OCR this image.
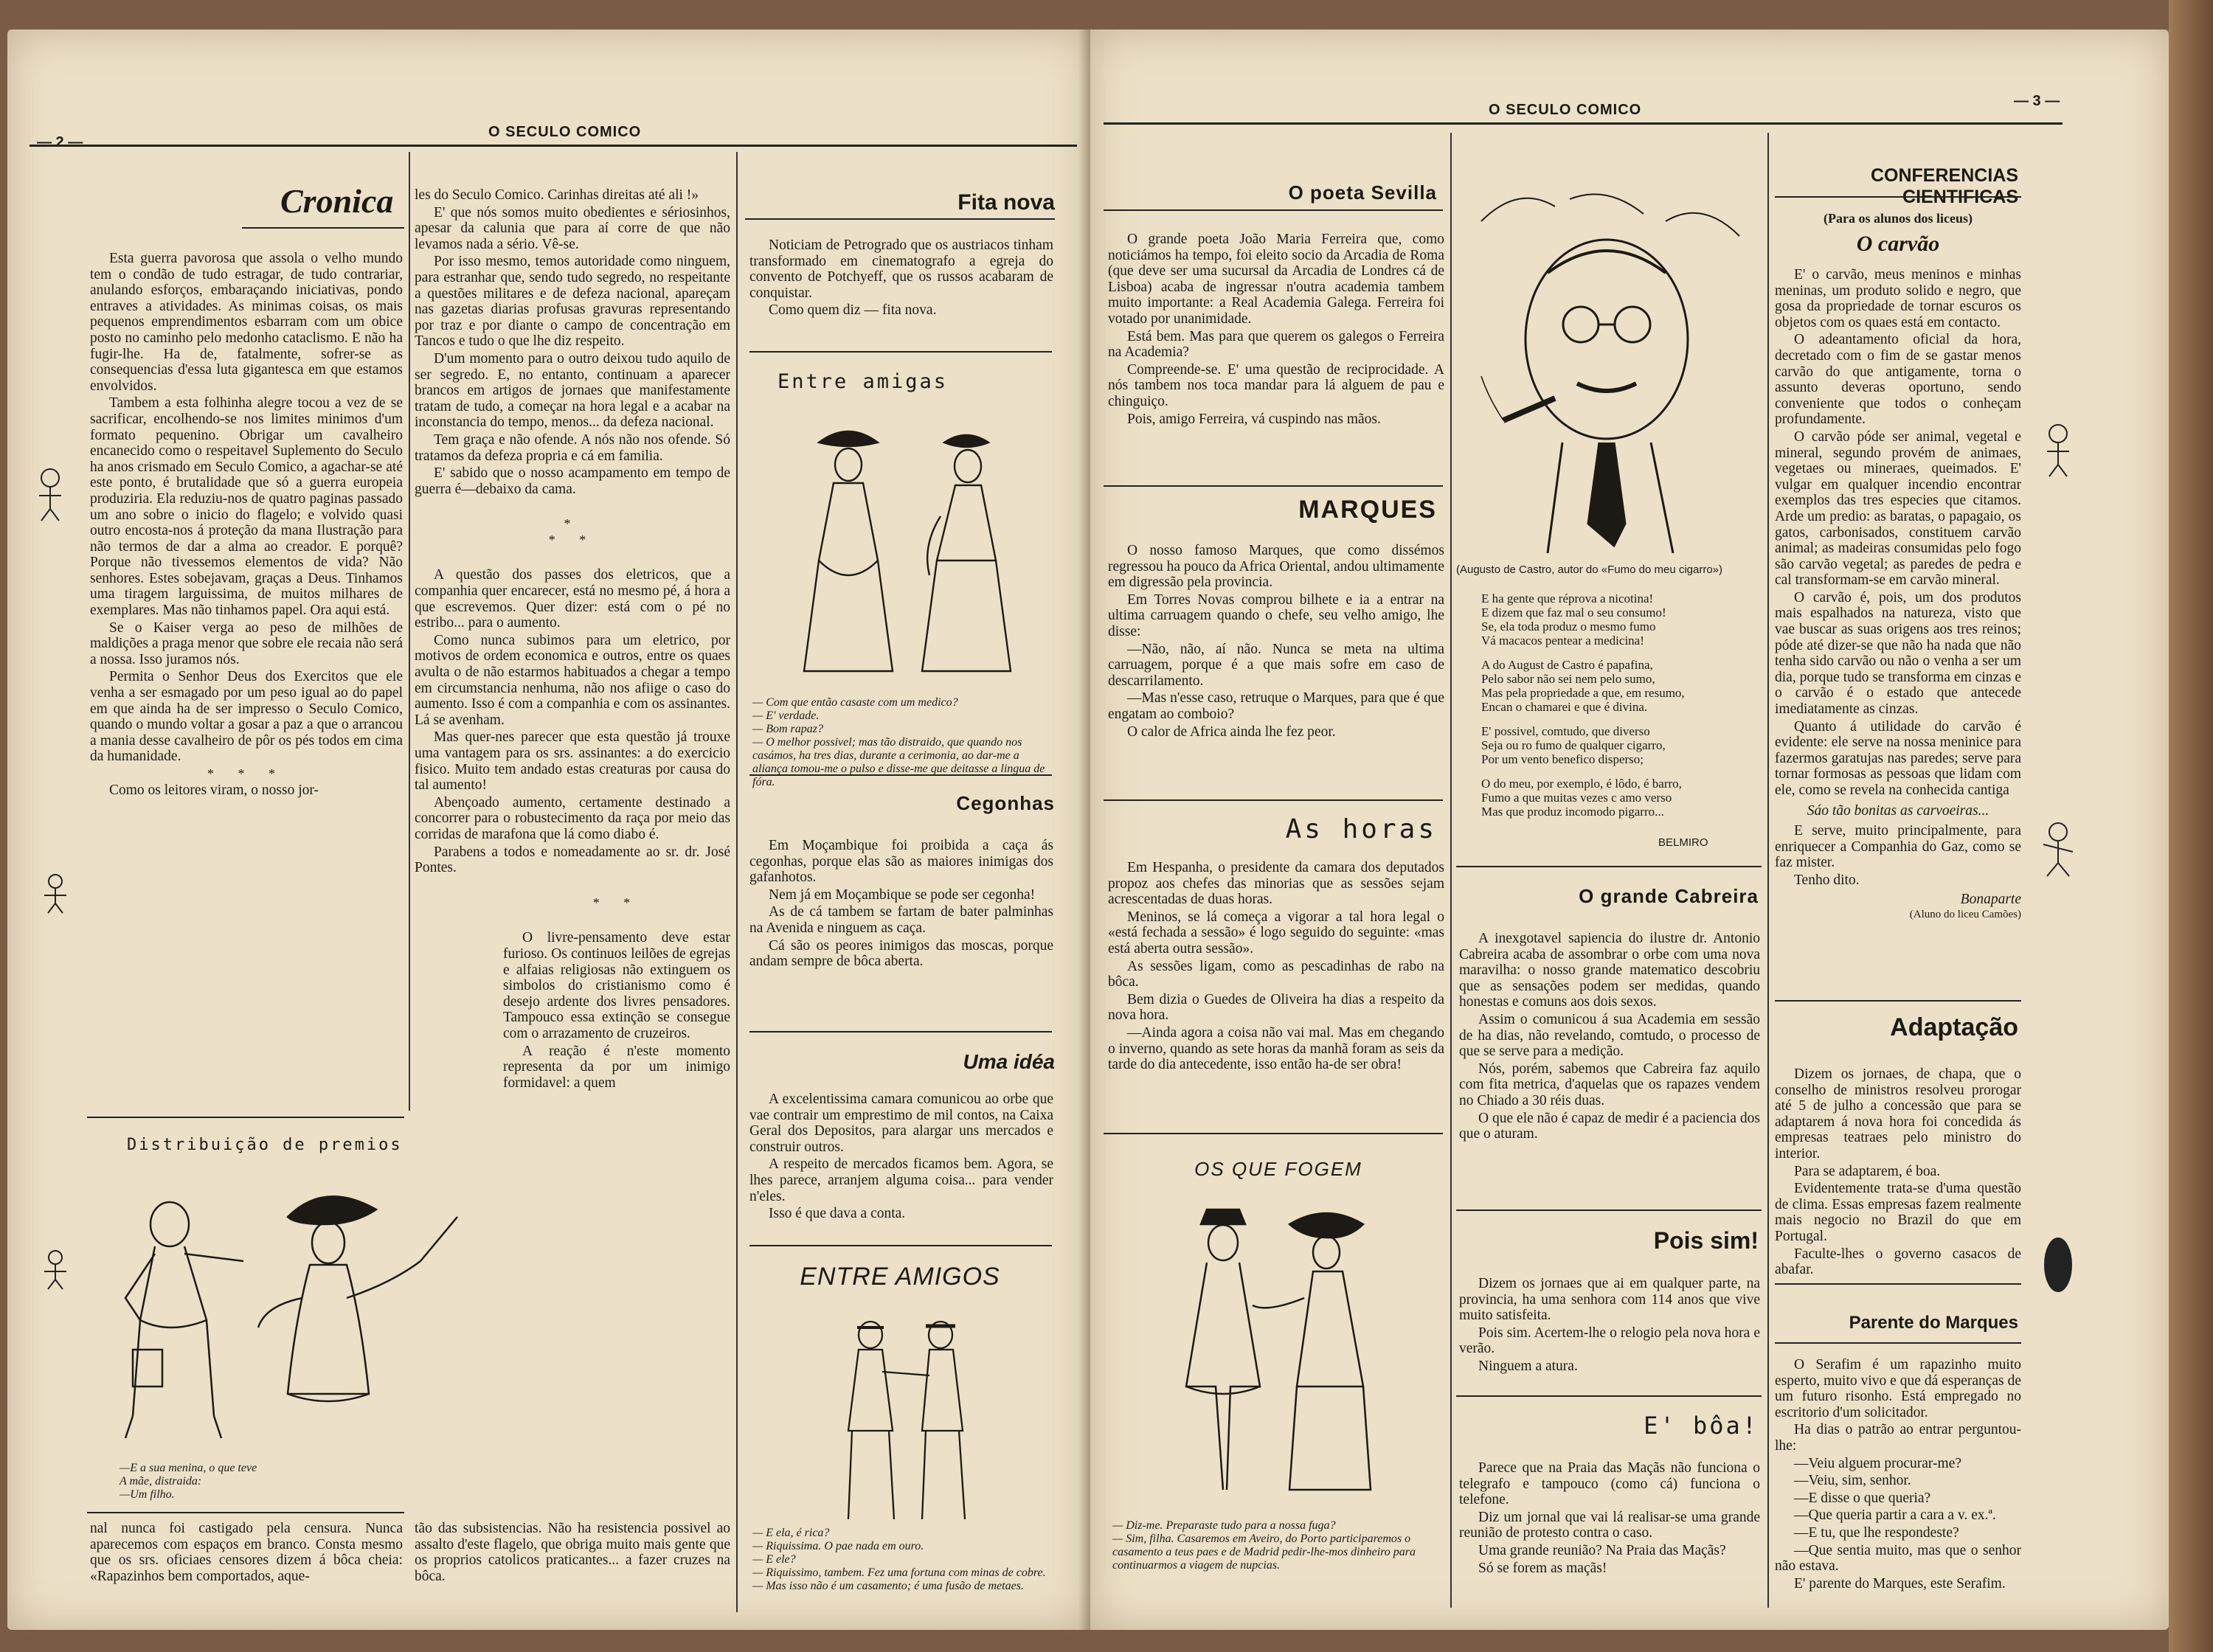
— 2 —
O SECULO COMICO
Cronica

Esta guerra pavorosa que assola o velho mundo tem o condão de tudo estragar, de tudo contrariar, anulando esforços, embaraçando iniciativas, pondo entraves a atividades. As minimas coisas, os mais pequenos emprendimentos esbarram com um obice posto no caminho pelo medonho cataclismo. E não ha fugir-lhe. Ha de, fatalmente, sofrer-se as consequencias d'essa luta gigantesca em que estamos envolvidos.

Tambem a esta folhinha alegre tocou a vez de se sacrificar, encolhendo-se nos limites minimos d'um formato pequenino. Obrigar um cavalheiro encanecido como o respeitavel Suplemento do Seculo ha anos crismado em Seculo Comico, a agachar-se até este ponto, é brutalidade que só a guerra europeia produziria. Ela reduziu-nos de quatro paginas passado um ano sobre o inicio do flagelo; e volvido quasi outro encosta-nos á proteção da mana Ilustração para não termos de dar a alma ao creador. E porquê? Porque não tivessemos elementos de vida? Não senhores. Estes sobejavam, graças a Deus. Tinhamos uma tiragem larguissima, de muitos milhares de exemplares. Mas não tinhamos papel. Ora aqui está.

Se o Kaiser verga ao peso de milhões de maldições a praga menor que sobre ele recaia não será a nossa. Isso juramos nós.

Permita o Senhor Deus dos Exercitos que ele venha a ser esmagado por um peso igual ao do papel em que ainda ha de ser impresso o Seculo Comico, quando o mundo voltar a gosar a paz a que o arrancou a mania desse cavalheiro de pôr os pés todos em cima da humanidade.

* * *

Como os leitores viram, o nosso jor-

les do Seculo Comico. Carinhas direitas até ali !»

E' que nós somos muito obedientes e sériosinhos, apesar da calunia que para aí corre de que não levamos nada a sério. Vê-se.

Por isso mesmo, temos autoridade como ninguem, para estranhar que, sendo tudo segredo, no respeitante a questões militares e de defeza nacional, apareçam nas gazetas diarias profusas gravuras representando por traz e por diante o campo de concentração em Tancos e tudo o que lhe diz respeito.

D'um momento para o outro deixou tudo aquilo de ser segredo. E, no entanto, continuam a aparecer brancos em artigos de jornaes que manifestamente tratam de tudo, a começar na hora legal e a acabar na inconstancia do tempo, menos... da defeza nacional.

Tem graça e não ofende. A nós não nos ofende. Só tratamos da defeza propria e cá em familia.

E' sabido que o nosso acampamento em tempo de guerra é—debaixo da cama.

*
* *

A questão dos passes dos eletricos, que a companhia quer encarecer, está no mesmo pé, á hora a que escrevemos. Quer dizer: está com o pé no estribo... para o aumento.

Como nunca subimos para um eletrico, por motivos de ordem economica e outros, entre os quaes avulta o de não estarmos habituados a chegar a tempo em circumstancia nenhuma, não nos afiige o caso do aumento. Isso é com a companhia e com os assinantes. Lá se avenham.

Mas quer-nes parecer que esta questão já trouxe uma vantagem para os srs. assinantes: a do exercicio fisico. Muito tem andado estas creaturas por causa do tal aumento!

Abençoado aumento, certamente destinado a concorrer para o robustecimento da raça por meio das corridas de marafona que lá como diabo é.

Parabens a todos e nomeadamente ao sr. dr. José Pontes.

* *

O livre-pensamento deve estar furioso. Os continuos leilões de egrejas e alfaias religiosas não extinguem os simbolos do cristianismo como é desejo ardente dos livres pensadores. Tampouco essa extinção se consegue com o arrazamento de cruzeiros.

A reação é n'este momento representa da por um inimigo formidavel: a quem

Distribuição de premios
—E a sua menina, o que teve
A mãe, distraida:
—Um filho.

nal nunca foi castigado pela censura. Nunca aparecemos com espaços em branco. Consta mesmo que os srs. oficiaes censores dizem á bôca cheia: «Rapazinhos bem comportados, aque-

tão das subsistencias. Não ha resistencia possivel ao assalto d'este flagelo, que obriga muito mais gente que os proprios catolicos praticantes... a fazer cruzes na bôca.

Fita nova

Noticiam de Petrogrado que os austriacos tinham transformado em cinematografo a egreja do convento de Potchyeff, que os russos acabaram de conquistar.

Como quem diz — fita nova.

Entre amigas
— Com que então casaste com um medico?
— E' verdade.
— Bom rapaz?
— O melhor possivel; mas tão distraido, que quando nos casámos, ha tres dias, durante a cerimonia, ao dar-me a aliança tomou-me o pulso e disse-me que deitasse a lingua de fóra.
Cegonhas

Em Moçambique foi proibida a caça ás cegonhas, porque elas são as maiores inimigas dos gafanhotos.

Nem já em Moçambique se pode ser cegonha!

As de cá tambem se fartam de bater palminhas na Avenida e ninguem as caça.

Cá são os peores inimigos das moscas, porque andam sempre de bôca aberta.

Uma idéa

A excelentissima camara comunicou ao orbe que vae contrair um emprestimo de mil contos, na Caixa Geral dos Depositos, para alargar uns mercados e construir outros.

A respeito de mercados ficamos bem. Agora, se lhes parece, arranjem alguma coisa... para vender n'eles.

Isso é que dava a conta.

ENTRE AMIGOS
— E ela, é rica?
— Riquissima. O pae nada em ouro.
— E ele?
— Riquissimo, tambem. Fez uma fortuna com minas de cobre.
— Mas isso não é um casamento; é uma fusão de metaes.
O SECULO COMICO
— 3 —
O poeta Sevilla

O grande poeta João Maria Ferreira que, como noticiámos ha tempo, foi eleito socio da Arcadia de Roma (que deve ser uma sucursal da Arcadia de Londres cá de Lisboa) acaba de ingressar n'outra academia tambem muito importante: a Real Academia Galega. Ferreira foi votado por unanimidade.

Está bem. Mas para que querem os galegos o Ferreira na Academia?

Compreende-se. E' uma questão de reciprocidade. A nós tambem nos toca mandar para lá alguem de pau e chinguiço.

Pois, amigo Ferreira, vá cuspindo nas mãos.

MARQUES

O nosso famoso Marques, que como dissémos regressou ha pouco da Africa Oriental, andou ultimamente em digressão pela provincia.

Em Torres Novas comprou bilhete e ia a entrar na ultima carruagem quando o chefe, seu velho amigo, lhe disse:

—Não, não, aí não. Nunca se meta na ultima carruagem, porque é a que mais sofre em caso de descarrilamento.

—Mas n'esse caso, retruque o Marques, para que é que engatam ao comboio?

O calor de Africa ainda lhe fez peor.

As horas

Em Hespanha, o presidente da camara dos deputados propoz aos chefes das minorias que as sessões sejam acrescentadas de duas horas.

Meninos, se lá começa a vigorar a tal hora legal o «está fechada a sessão» é logo seguido do seguinte: «mas está aberta outra sessão».

As sessões ligam, como as pescadinhas de rabo na bôca.

Bem dizia o Guedes de Oliveira ha dias a respeito da nova hora.

—Ainda agora a coisa não vai mal. Mas em chegando o inverno, quando as sete horas da manhã foram as seis da tarde do dia antecedente, isso então ha-de ser obra!

OS QUE FOGEM
— Diz-me. Preparaste tudo para a nossa fuga?
— Sim, filha. Casaremos em Aveiro, do Porto participaremos o casamento a teus paes e de Madrid pedir-lhe-mos dinheiro para continuarmos a viagem de nupcias.
(Augusto de Castro, autor do «Fumo do meu cigarro»)
E ha gente que réprova a nicotina!
E dizem que faz mal o seu consumo!
Se, ela toda produz o mesmo fumo
Vá macacos pentear a medicina!
A do August de Castro é papafina,
Pelo sabor não sei nem pelo sumo,
Mas pela propriedade a que, em resumo,
Encan o chamarei e que é divina.
E' possivel, comtudo, que diverso
Seja ou ro fumo de qualquer cigarro,
Por um vento benefico disperso;
O do meu, por exemplo, é lôdo, é barro,
Fumo a que muitas vezes c amo verso
Mas que produz incomodo pigarro...
BELMIRO
O grande Cabreira

A inexgotavel sapiencia do ilustre dr. Antonio Cabreira acaba de assombrar o orbe com uma nova maravilha: o nosso grande matematico descobriu que as sensações podem ser medidas, quando honestas e comuns aos dois sexos.

Assim o comunicou á sua Academia em sessão de ha dias, não revelando, comtudo, o processo de que se serve para a medição.

Nós, porém, sabemos que Cabreira faz aquilo com fita metrica, d'aquelas que os rapazes vendem no Chiado a 30 réis duas.

O que ele não é capaz de medir é a paciencia dos que o aturam.

Pois sim!

Dizem os jornaes que ai em qualquer parte, na provincia, ha uma senhora com 114 anos que vive muito satisfeita.

Pois sim. Acertem-lhe o relogio pela nova hora e verão.

Ninguem a atura.

E' bôa!

Parece que na Praia das Maçãs não funciona o telegrafo e tampouco (como cá) funciona o telefone.

Diz um jornal que vai lá realisar-se uma grande reunião de protesto contra o caso.

Uma grande reunião? Na Praia das Maçãs?

Só se forem as maçãs!

CONFERENCIAS CIENTIFICAS
(Para os alunos dos liceus)
O carvão

E' o carvão, meus meninos e minhas meninas, um produto solido e negro, que gosa da propriedade de tornar escuros os objetos com os quaes está em contacto.

O adeantamento oficial da hora, decretado com o fim de se gastar menos carvão do que antigamente, torna o assunto deveras oportuno, sendo conveniente que todos o conheçam profundamente.

O carvão póde ser animal, vegetal e mineral, segundo provém de animaes, vegetaes ou mineraes, queimados. E' vulgar em qualquer incendio encontrar exemplos das tres especies que citamos. Arde um predio: as baratas, o papagaio, os gatos, carbonisados, constituem carvão animal; as madeiras consumidas pelo fogo são carvão vegetal; as paredes de pedra e cal transformam-se em carvão mineral.

O carvão é, pois, um dos produtos mais espalhados na natureza, visto que vae buscar as suas origens aos tres reinos; póde até dizer-se que não ha nada que não tenha sido carvão ou não o venha a ser um dia, porque tudo se transforma em cinzas e o carvão é o estado que antecede imediatamente as cinzas.

Quanto á utilidade do carvão é evidente: ele serve na nossa meninice para fazermos garatujas nas paredes; serve para tornar formosas as pessoas que lidam com ele, como se revela na conhecida cantiga

Sáo tão bonitas as carvoeiras...

E serve, muito principalmente, para enriquecer a Companhia do Gaz, como se faz mister.

Tenho dito.

Bonaparte
(Aluno do liceu Camões)
Adaptação

Dizem os jornaes, de chapa, que o conselho de ministros resolveu prorogar até 5 de julho a concessão que para se adaptarem á nova hora foi concedida ás empresas teatraes pelo ministro do interior.

Para se adaptarem, é boa.

Evidentemente trata-se d'uma questão de clima. Essas empresas fazem realmente mais negocio no Brazil do que em Portugal.

Faculte-lhes o governo casacos de abafar.

Parente do Marques

O Serafim é um rapazinho muito esperto, muito vivo e que dá esperanças de um futuro risonho. Está empregado no escritorio d'um solicitador.

Ha dias o patrão ao entrar perguntou-lhe:

—Veiu alguem procurar-me?

—Veiu, sim, senhor.

—E disse o que queria?

—Que queria partir a cara a v. ex.ª.

—E tu, que lhe respondeste?

—Que sentia muito, mas que o senhor não estava.

E' parente do Marques, este Serafim.
